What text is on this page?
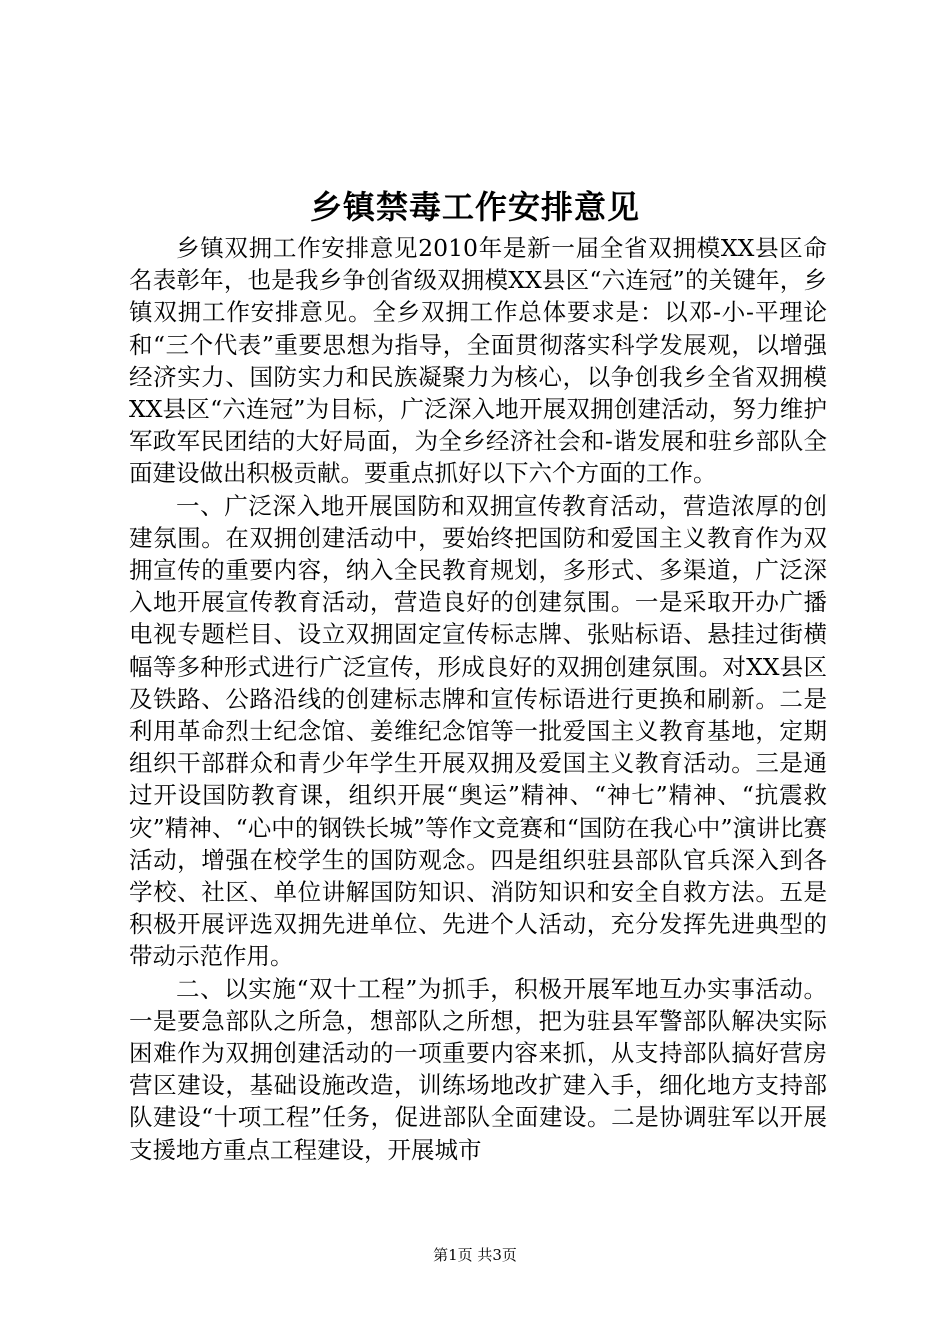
乡镇禁毒工作安排意见

乡镇双拥工作安排意见2010年是新一届全省双拥模XX县区命名表彰年，也是我乡争创省级双拥模XX县区“六连冠”的关键年，乡镇双拥工作安排意见。全乡双拥工作总体要求是：以邓-小-平理论和“三个代表”重要思想为指导，全面贯彻落实科学发展观，以增强经济实力、国防实力和民族凝聚力为核心，以争创我乡全省双拥模XX县区“六连冠”为目标，广泛深入地开展双拥创建活动，努力维护军政军民团结的大好局面，为全乡经济社会和-谐发展和驻乡部队全面建设做出积极贡献。要重点抓好以下六个方面的工作。

一、广泛深入地开展国防和双拥宣传教育活动，营造浓厚的创建氛围。在双拥创建活动中，要始终把国防和爱国主义教育作为双拥宣传的重要内容，纳入全民教育规划，多形式、多渠道，广泛深入地开展宣传教育活动，营造良好的创建氛围。一是采取开办广播电视专题栏目、设立双拥固定宣传标志牌、张贴标语、悬挂过街横幅等多种形式进行广泛宣传，形成良好的双拥创建氛围。对XX县区及铁路、公路沿线的创建标志牌和宣传标语进行更换和刷新。二是利用革命烈士纪念馆、姜维纪念馆等一批爱国主义教育基地，定期组织干部群众和青少年学生开展双拥及爱国主义教育活动。三是通过开设国防教育课，组织开展“奥运”精神、“神七”精神、“抗震救灾”精神、“心中的钢铁长城”等作文竞赛和“国防在我心中”演讲比赛活动，增强在校学生的国防观念。四是组织驻县部队官兵深入到各学校、社区、单位讲解国防知识、消防知识和安全自救方法。五是积极开展评选双拥先进单位、先进个人活动，充分发挥先进典型的带动示范作用。

二、以实施“双十工程”为抓手，积极开展军地互办实事活动。一是要急部队之所急，想部队之所想，把为驻县军警部队解决实际困难作为双拥创建活动的一项重要内容来抓，从支持部队搞好营房营区建设，基础设施改造，训练场地改扩建入手，细化地方支持部队建设“十项工程”任务，促进部队全面建设。二是协调驻军以开展支援地方重点工程建设，开展城市

第1页 共3页
